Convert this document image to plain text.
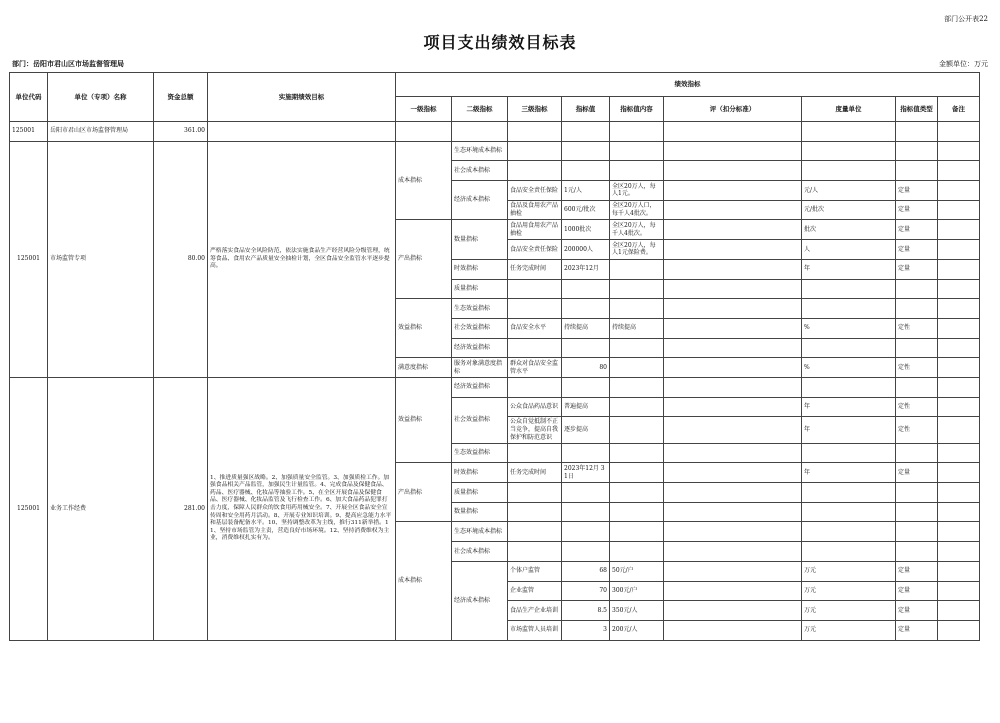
部门公开表22
项目支出绩效目标表
部门：岳阳市君山区市场监督管理局	金额单位：万元
单位代码	单位（专项）名称	资金总额	实施期绩效目标	绩效指标								
				一级指标	二级指标	三级指标	指标值	指标值内容	评（扣分标准）	度量单位	指标值类型	备注
125001	岳阳市君山区市场监督管理局	361.00										
125001	市场监管专项	80.00	严格落实食品安全风险防范，依法实施食品生产经营风险分级管理，统筹食品、食用农产品质量安全抽检计划，全区食品安全监管水平逐步提高。	成本指标	生态环境成本指标							
					社会成本指标							
					经济成本指标	食品安全责任保险	1元/人	全区20万人，每人1元。		元/人	定量	
						食品及食用农产品抽检	600元/批次	全区20万人口，每千人4批次。		元/批次	定量	
				产出指标	数量指标	食品用食用农产品抽检	1000批次	全区20万人，每千人4批次。		批次	定量	
						食品安全责任保险	200000人	全区20万人，每人1元保险费。		人	定量	
					时效指标	任务完成时间	2023年12月			年	定量	
					质量指标							
				效益指标	生态效益指标							
					社会效益指标	食品安全水平	持续提高	持续提高		%	定性	
					经济效益指标							
				满意度指标	服务对象满意度指标	群众对食品安全监管水平	80			%	定性	
125001	业务工作经费	281.00	1、推进质量强区战略。2、加强质量安全监管。3、加强质检工作。加强食品相关产品监管，加强民生计量监管。4、完成食品及保健食品、药品、医疗器械、化妆品等抽验工作。5、在全区开展食品及保健食品、医疗器械、化妆品监管及飞行检查工作。6、加大食品药品犯罪打击力度，保障人民群众的饮食用药用械安全。7、开展全区食品安全宣传周和安全用药月活动。8、开展专业知识培训。9、提高应急能力水平和基层装备配备水平。10、坚持调整改革为主线，推行311新举措。11、坚持市场监管为主责，营造良好市场环境。12、坚持消费维权为主业，消费维权扎实有为。	效益指标	经济效益指标							
					社会效益指标	公众食品药品意识	普遍提高			年	定性	
						公众自觉抵制不正当竞争，提高自我保护和防范意识	逐步提高			年	定性	
					生态效益指标							
				产出指标	时效指标	任务完成时间	2023年12月 31日			年	定量	
					质量指标							
					数量指标							
				成本指标	生态环境成本指标							
					社会成本指标							
					经济成本指标	个体户监管	68	50元/户		万元	定量	
						企业监管	70	300元/户		万元	定量	
						食品生产企业培训	8.5	350元/人		万元	定量	
						市场监管人员培训	3	200元/人		万元	定量	
